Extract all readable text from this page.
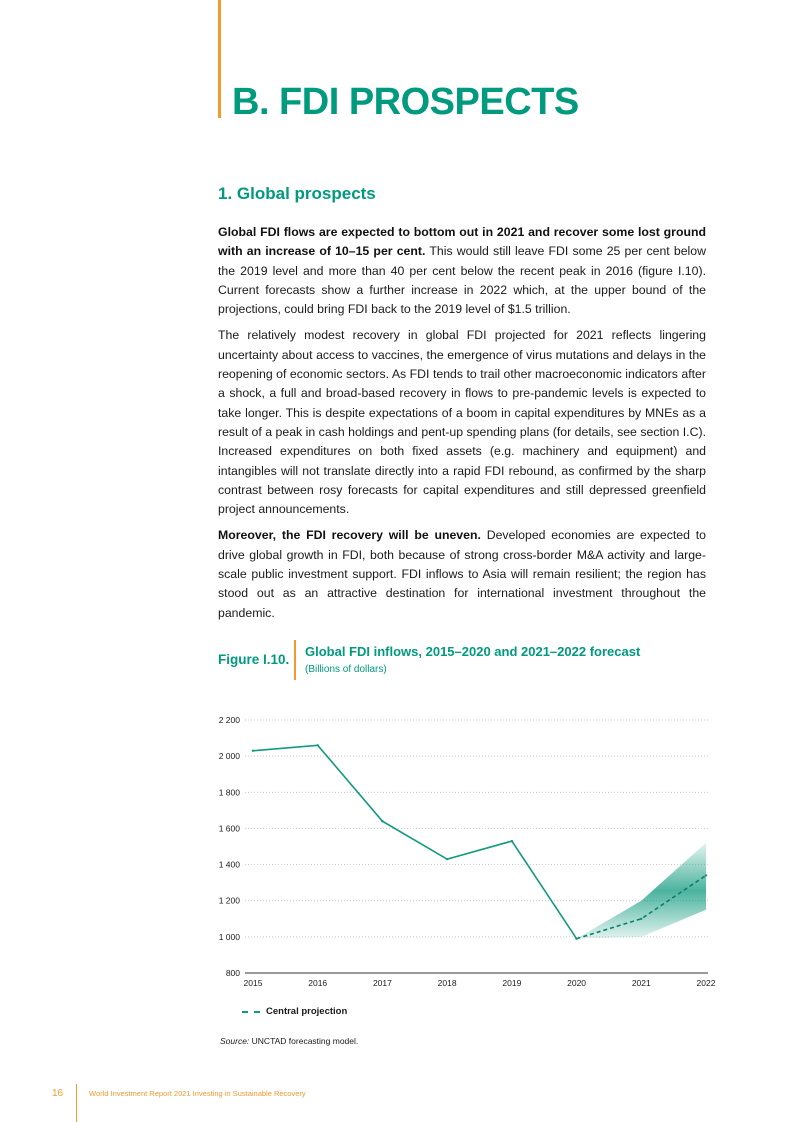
B. FDI PROSPECTS
1. Global prospects

Global FDI flows are expected to bottom out in 2021 and recover some lost ground with an increase of 10–15 per cent. This would still leave FDI some 25 per cent below the 2019 level and more than 40 per cent below the recent peak in 2016 (figure I.10). Current forecasts show a further increase in 2022 which, at the upper bound of the projections, could bring FDI back to the 2019 level of $1.5 trillion.

The relatively modest recovery in global FDI projected for 2021 reflects lingering uncertainty about access to vaccines, the emergence of virus mutations and delays in the reopening of economic sectors. As FDI tends to trail other macroeconomic indicators after a shock, a full and broad-based recovery in flows to pre-pandemic levels is expected to take longer. This is despite expectations of a boom in capital expenditures by MNEs as a result of a peak in cash holdings and pent-up spending plans (for details, see section I.C). Increased expenditures on both fixed assets (e.g. machinery and equipment) and intangibles will not translate directly into a rapid FDI rebound, as confirmed by the sharp contrast between rosy forecasts for capital expenditures and still depressed greenfield project announcements.

Moreover, the FDI recovery will be uneven. Developed economies are expected to drive global growth in FDI, both because of strong cross-border M&A activity and large-scale public investment support. FDI inflows to Asia will remain resilient; the region has stood out as an attractive destination for international investment throughout the pandemic.

Figure I.10.
Global FDI inflows, 2015–2020 and 2021–2022 forecast
(Billions of dollars)
800
1 000
1 200
1 400
1 600
1 800
2 000
2 200
2015	2016	2017	2018	2019	2020	2021	2022
Central projection
Source: UNCTAD forecasting model.
16	World Investment Report 2021 Investing in Sustainable Recovery
